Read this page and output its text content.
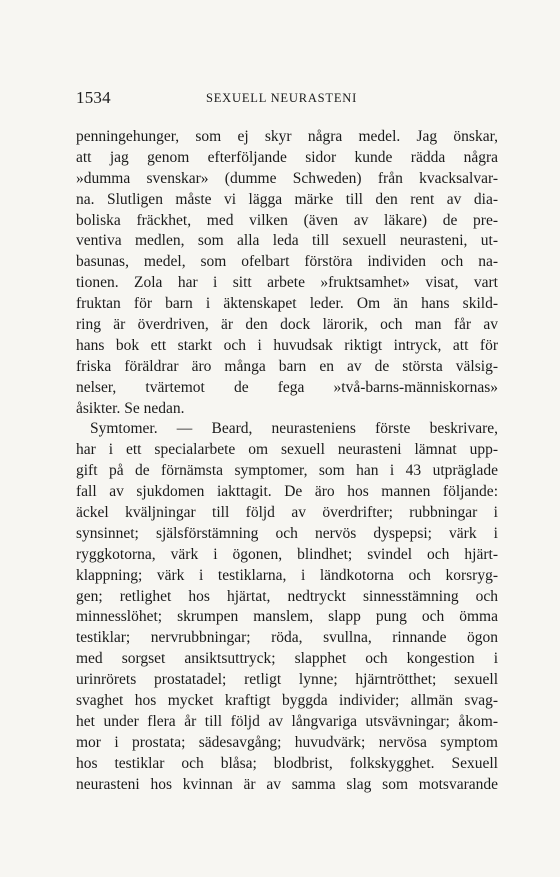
1534	SEXUELL NEURASTENI
penningehunger, som ej skyr några medel. Jag önskar,
att jag genom efterföljande sidor kunde rädda några
»dumma svenskar» (dumme Schweden) från kvacksalvar-
na. Slutligen måste vi lägga märke till den rent av dia-
boliska fräckhet, med vilken (även av läkare) de pre-
ventiva medlen, som alla leda till sexuell neurasteni, ut-
basunas, medel, som ofelbart förstöra individen och na-
tionen. Zola har i sitt arbete »fruktsamhet» visat, vart
fruktan för barn i äktenskapet leder. Om än hans skild-
ring är överdriven, är den dock lärorik, och man får av
hans bok ett starkt och i huvudsak riktigt intryck, att för
friska föräldrar äro många barn en av de största välsig-
nelser, tvärtemot de fega »två-barns-människornas»
åsikter. Se nedan.
Symtomer. — Beard, neurasteniens förste beskrivare,
har i ett specialarbete om sexuell neurasteni lämnat upp-
gift på de förnämsta symptomer, som han i 43 utpräglade
fall av sjukdomen iakttagit. De äro hos mannen följande:
äckel kväljningar till följd av överdrifter; rubbningar i
synsinnet; själsförstämning och nervös dyspepsi; värk i
ryggkotorna, värk i ögonen, blindhet; svindel och hjärt-
klappning; värk i testiklarna, i ländkotorna och korsryg-
gen; retlighet hos hjärtat, nedtryckt sinnesstämning och
minnesslöhet; skrumpen manslem, slapp pung och ömma
testiklar; nervrubbningar; röda, svullna, rinnande ögon
med sorgset ansiktsuttryck; slapphet och kongestion i
urinrörets prostatadel; retligt lynne; hjärntrötthet; sexuell
svaghet hos mycket kraftigt byggda individer; allmän svag-
het under flera år till följd av långvariga utsvävningar; åkom-
mor i prostata; sädesavgång; huvudvärk; nervösa symptom
hos testiklar och blåsa; blodbrist, folkskygghet. Sexuell
neurasteni hos kvinnan är av samma slag som motsvarande
